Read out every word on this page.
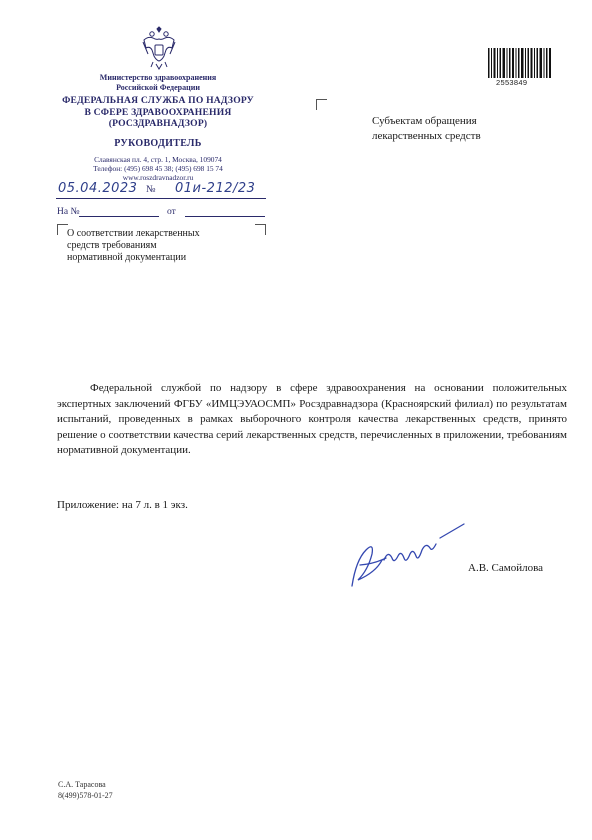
Министерство здравоохранения
Российской Федерации
ФЕДЕРАЛЬНАЯ СЛУЖБА ПО НАДЗОРУ
В СФЕРЕ ЗДРАВООХРАНЕНИЯ
(РОСЗДРАВНАДЗОР)
РУКОВОДИТЕЛЬ
Славянская пл. 4, стр. 1, Москва, 109074
Телефон: (495) 698 45 38; (495) 698 15 74
www.roszdravnadzor.ru
2553849
05.04.2023 № 01и-212/23
На №	от
О соответствии лекарственных
средств требованиям
нормативной документации
Субъектам обращения
лекарственных средств
Федеральной службой по надзору в сфере здравоохранения на основании положительных экспертных заключений ФГБУ «ИМЦЭУАОСМП» Росздравнадзора (Красноярский филиал) по результатам испытаний, проведенных в рамках выборочного контроля качества лекарственных средств, принято решение о соответствии качества серий лекарственных средств, перечисленных в приложении, требованиям нормативной документации.
Приложение: на 7 л. в 1 экз.
А.В. Самойлова
С.А. Тарасова
8(499)578-01-27
